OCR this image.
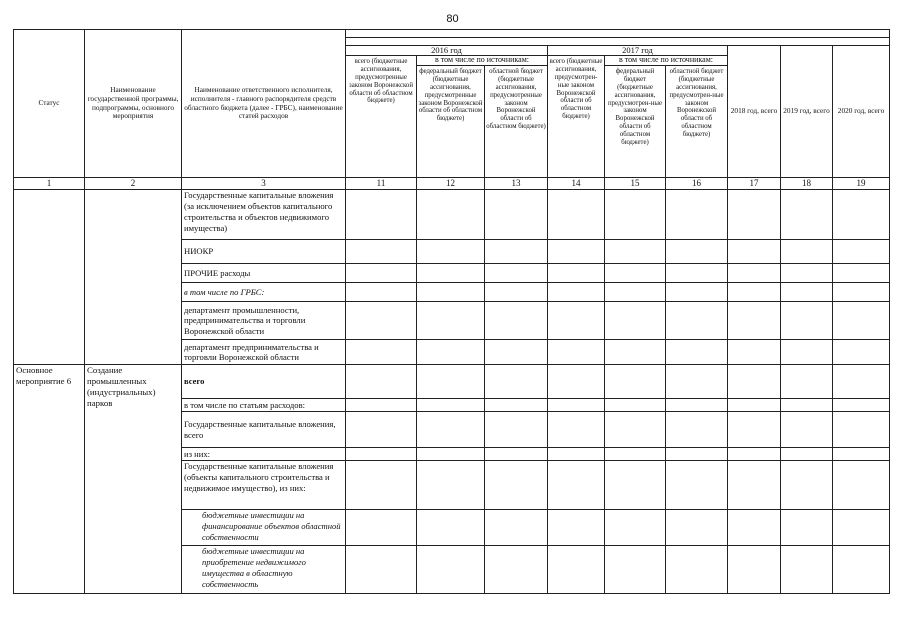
80
Статус	Наименование государственной программы, подпрограммы, основного мероприятия	Наименование ответственного исполнителя, исполнителя - главного распорядителя средств областного бюджета (далее - ГРБС), наименование статей расходов									

			2016 год			2017 год			2018 год, всего	2019 год, всего	2020 год, всего
			всего (бюджетные ассигнования, предусмотренные законом Воронежской области об областном бюджете)	в том числе по источникам:		всего (бюджетные ассигнования, предусмотрен-ные законом Воронежской области об областном бюджете)	в том числе по источникам:				
				федеральный бюджет (бюджетные ассигнования, предусмотренные законом Воронежской области об областном бюджете)	областной бюджет (бюджетные ассигнования, предусмотренные законом Воронежской области об областном бюджете)		федеральный бюджет (бюджетные ассигнования, предусмотрен-ные законом Воронежской области об областном бюджете)	областной бюджет (бюджетные ассигнования, предусмотрен-ные законом Воронежской области об областном бюджете)			

1	2	3	11	12	13	14	15	16	17	18	19
		Государственные капитальные вложения (за исключением объектов капитального строительства и объектов недвижимого имущества)									
		НИОКР									
		ПРОЧИЕ расходы									
		в том числе по ГРБС:									
		департамент промышленности, предпринимательства и торговли Воронежской области									
		департамент предпринимательства и торговли Воронежской области									
Основное мероприятие 6	Создание промышленных (индустриальных) парков	всего									
		в том числе по статьям расходов:									
		Государственные капитальные вложения, всего									
		из них:									
		Государственные капитальные вложения (объекты капитального строительства и недвижимое имущество), из них:									
		бюджетные инвестиции на финансирование объектов областной собственности									
		бюджетные инвестиции на приобретение недвижимого имущества в областную собственность									
